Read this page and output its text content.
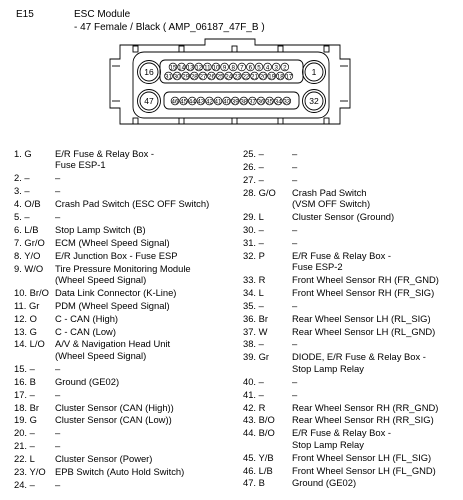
E15	ESC Module
- 47 Female / Black ( AMP_06187_47F_B )
15 14 13 12 11 10 9 8 7 6 5 4 3 2
31 30 29 28 27 26 25 24 23 22 21 20 19 18 17
46 45 44 43 42 41 40 39 38 37 36 35 34 33
16	1
47	32
1. G	E/R Fuse & Relay Box -
Fuse ESP-1
2. –	–
3. –	–
4. O/B	Crash Pad Switch (ESC OFF Switch)
5. –	–
6. L/B	Stop Lamp Switch (B)
7. Gr/O	ECM (Wheel Speed Signal)
8. Y/O	E/R Junction Box - Fuse ESP
9. W/O	Tire Pressure Monitoring Module
(Wheel Speed Signal)
10. Br/O Data Link Connector (K-Line)
11. Gr	PDM (Wheel Speed Signal)
12. O	C - CAN (High)
13. G	C - CAN (Low)
14. L/O	A/V & Navigation Head Unit
(Wheel Speed Signal)
15. –	–
16. B	Ground (GE02)
17. –	–
18. Br	Cluster Sensor (CAN (High))
19. G	Cluster Sensor (CAN (Low))
20. –	–
21. –	–
22. L	Cluster Sensor (Power)
23. Y/O EPB Switch (Auto Hold Switch)
24. –	–
25. –	–
26. –	–
27. –	–
28. G/O	Crash Pad Switch
(VSM OFF Switch)
29. L	Cluster Sensor (Ground)
30. –	–
31. –	–
32. P	E/R Fuse & Relay Box -
Fuse ESP-2
33. R	Front Wheel Sensor RH (FR_GND)
34. L	Front Wheel Sensor RH (FR_SIG)
35. –	–
36. Br	Rear Wheel Sensor LH (RL_SIG)
37. W	Rear Wheel Sensor LH (RL_GND)
38. –	–
39. Gr	DIODE, E/R Fuse & Relay Box -
Stop Lamp Relay
40. –	–
41. –	–
42. R	Rear Wheel Sensor RH (RR_GND)
43. B/O	Rear Wheel Sensor RH (RR_SIG)
44. B/O	E/R Fuse & Relay Box -
Stop Lamp Relay
45. Y/B	Front Wheel Sensor LH (FL_SIG)
46. L/B	Front Wheel Sensor LH (FL_GND)
47. B	Ground (GE02)
